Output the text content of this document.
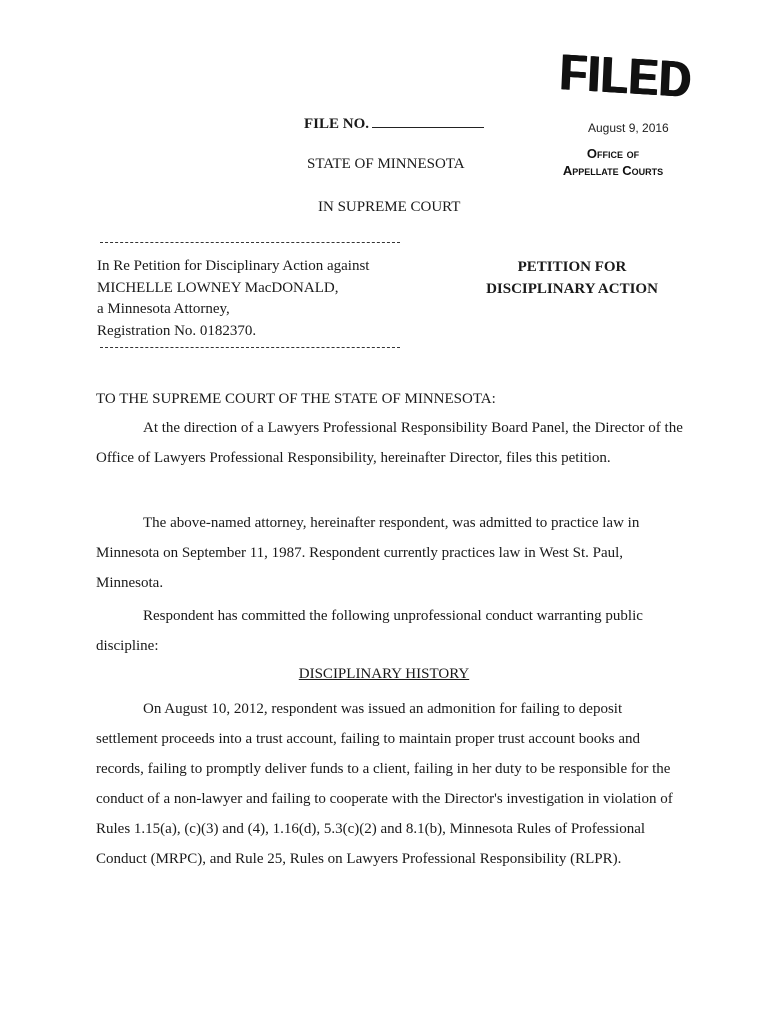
FILED
August 9, 2016
Office of
Appellate Courts
FILE NO.
STATE OF MINNESOTA
IN SUPREME COURT
In Re Petition for Disciplinary Action against
MICHELLE LOWNEY MacDONALD,
a Minnesota Attorney,
Registration No. 0182370.
PETITION FOR
DISCIPLINARY ACTION

TO THE SUPREME COURT OF THE STATE OF MINNESOTA:

At the direction of a Lawyers Professional Responsibility Board Panel, the Director of the Office of Lawyers Professional Responsibility, hereinafter Director, files this petition.

The above-named attorney, hereinafter respondent, was admitted to practice law in Minnesota on September 11, 1987. Respondent currently practices law in West St. Paul, Minnesota.

Respondent has committed the following unprofessional conduct warranting public discipline:

DISCIPLINARY HISTORY

On August 10, 2012, respondent was issued an admonition for failing to deposit settlement proceeds into a trust account, failing to maintain proper trust account books and records, failing to promptly deliver funds to a client, failing in her duty to be responsible for the conduct of a non-lawyer and failing to cooperate with the Director's investigation in violation of Rules 1.15(a), (c)(3) and (4), 1.16(d), 5.3(c)(2) and 8.1(b), Minnesota Rules of Professional Conduct (MRPC), and Rule 25, Rules on Lawyers Professional Responsibility (RLPR).
